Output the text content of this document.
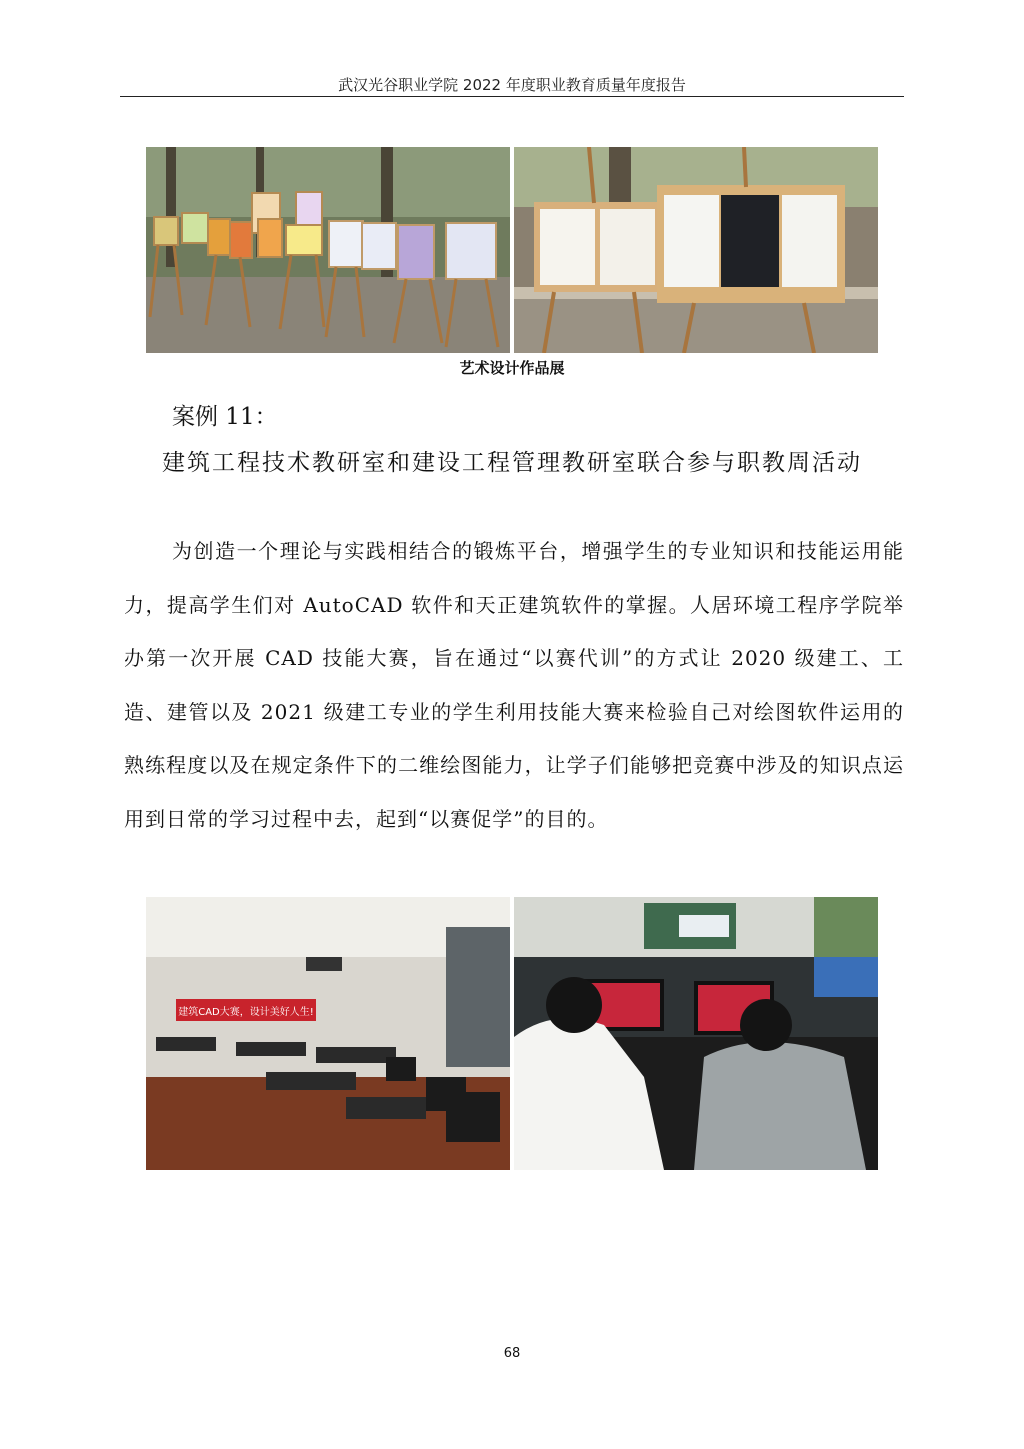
武汉光谷职业学院 2022 年度职业教育质量年度报告
艺术设计作品展
案例 11：
建筑工程技术教研室和建设工程管理教研室联合参与职教周活动
为创造一个理论与实践相结合的锻炼平台，增强学生的专业知识和技能运用能力，提高学生们对 AutoCAD 软件和天正建筑软件的掌握。人居环境工程序学院举办第一次开展 CAD 技能大赛，旨在通过“以赛代训”的方式让 2020 级建工、工造、建管以及 2021 级建工专业的学生利用技能大赛来检验自己对绘图软件运用的熟练程度以及在规定条件下的二维绘图能力，让学子们能够把竞赛中涉及的知识点运用到日常的学习过程中去，起到“以赛促学”的目的。
建筑CAD大赛，设计美好人生!
68
